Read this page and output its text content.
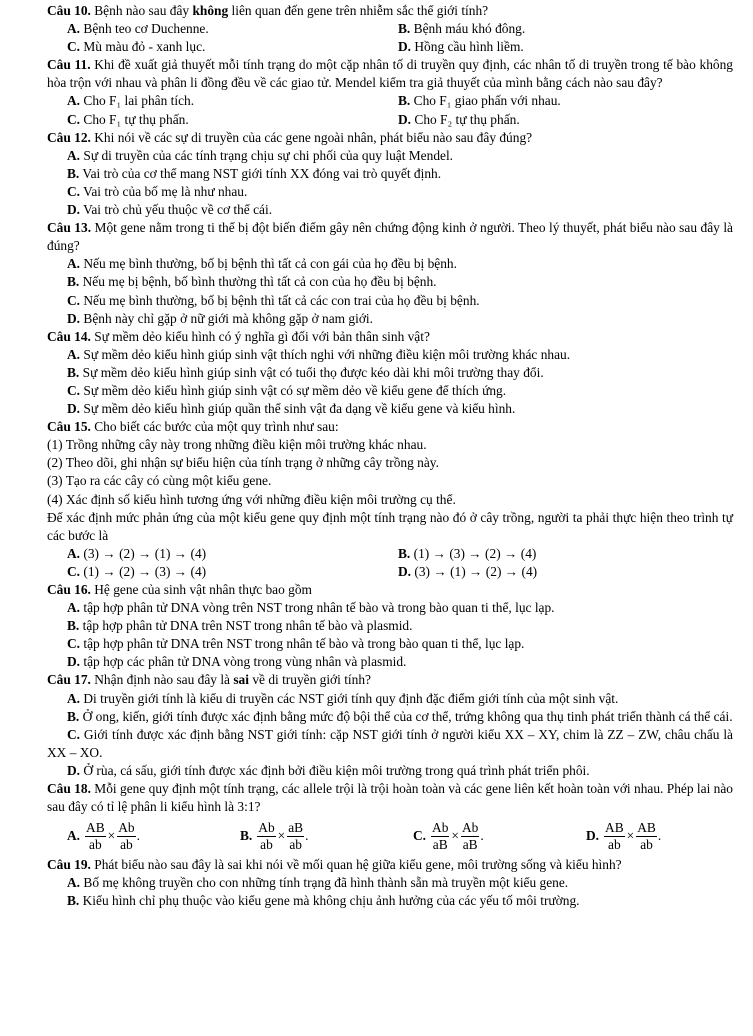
Câu 10. Bệnh nào sau đây không liên quan đến gene trên nhiễm sắc thể giới tính?
A. Bệnh teo cơ Duchenne.	B. Bệnh máu khó đông.
C. Mù màu đỏ - xanh lục.	D. Hồng cầu hình liềm.
Câu 11. Khi đề xuất giả thuyết mỗi tính trạng do một cặp nhân tố di truyền quy định, các nhân tố di truyền trong tế bào không hòa trộn với nhau và phân li đồng đều về các giao tử. Mendel kiểm tra giả thuyết của mình bằng cách nào sau đây?
A. Cho F₁ lai phân tích.	B. Cho F₁ giao phấn với nhau.
C. Cho F₁ tự thụ phấn.	D. Cho F₂ tự thụ phấn.
Câu 12. Khi nói về các sự di truyền của các gene ngoài nhân, phát biểu nào sau đây đúng?
A. Sự di truyền của các tính trạng chịu sự chi phối của quy luật Mendel.
B. Vai trò của cơ thể mang NST giới tính XX đóng vai trò quyết định.
C. Vai trò của bố mẹ là như nhau.
D. Vai trò chủ yếu thuộc về cơ thể cái.
Câu 13. Một gene nằm trong ti thể bị đột biến điểm gây nên chứng động kinh ở người. Theo lý thuyết, phát biểu nào sau đây là đúng?
A. Nếu mẹ bình thường, bố bị bệnh thì tất cả con gái của họ đều bị bệnh.
B. Nếu mẹ bị bệnh, bố bình thường thì tất cả con của họ đều bị bệnh.
C. Nếu mẹ bình thường, bố bị bệnh thì tất cả các con trai của họ đều bị bệnh.
D. Bệnh này chỉ gặp ở nữ giới mà không gặp ở nam giới.
Câu 14. Sự mềm dẻo kiểu hình có ý nghĩa gì đối với bản thân sinh vật?
A. Sự mềm dẻo kiểu hình giúp sinh vật thích nghi với những điều kiện môi trường khác nhau.
B. Sự mềm dẻo kiểu hình giúp sinh vật có tuổi thọ được kéo dài khi môi trường thay đổi.
C. Sự mềm dẻo kiểu hình giúp sinh vật có sự mềm dẻo về kiểu gene để thích ứng.
D. Sự mềm dẻo kiểu hình giúp quần thể sinh vật đa dạng về kiểu gene và kiểu hình.
Câu 15. Cho biết các bước của một quy trình như sau:
(1) Trồng những cây này trong những điều kiện môi trường khác nhau.
(2) Theo dõi, ghi nhận sự biểu hiện của tính trạng ở những cây trồng này.
(3) Tạo ra các cây có cùng một kiểu gene.
(4) Xác định số kiểu hình tương ứng với những điều kiện môi trường cụ thể.
Để xác định mức phản ứng của một kiểu gene quy định một tính trạng nào đó ở cây trồng, người ta phải thực hiện theo trình tự các bước là
A. (3) → (2) → (1) → (4)	B. (1) → (3) → (2) → (4)
C. (1) → (2) → (3) → (4)	D. (3) → (1) → (2) → (4)
Câu 16. Hệ gene của sinh vật nhân thực bao gồm
A. tập hợp phân tử DNA vòng trên NST trong nhân tế bào và trong bào quan ti thể, lục lạp.
B. tập hợp phân tử DNA trên NST trong nhân tế bào và plasmid.
C. tập hợp phân tử DNA trên NST trong nhân tế bào và trong bào quan ti thể, lục lạp.
D. tập hợp các phân tử DNA vòng trong vùng nhân và plasmid.
Câu 17. Nhận định nào sau đây là sai về di truyền giới tính?
A. Di truyền giới tính là kiểu di truyền các NST giới tính quy định đặc điểm giới tính của một sinh vật.
B. Ở ong, kiến, giới tính được xác định bằng mức độ bội thể của cơ thể, trứng không qua thụ tinh phát triển thành cá thể cái.
C. Giới tính được xác định bằng NST giới tính: cặp NST giới tính ở người kiểu XX – XY, chim là ZZ – ZW, châu chấu là XX – XO.
D. Ở rùa, cá sấu, giới tính được xác định bởi điều kiện môi trường trong quá trình phát triển phôi.
Câu 18. Mỗi gene quy định một tính trạng, các allele trội là trội hoàn toàn và các gene liên kết hoàn toàn với nhau. Phép lai nào sau đây có tỉ lệ phân li kiểu hình là 3:1?
A. $\frac{AB}{ab} \times \frac{Ab}{ab}$ .	B. $\frac{Ab}{ab} \times \frac{aB}{ab}$ .	C. $\frac{Ab}{aB} \times \frac{Ab}{aB}$ .	D. $\frac{AB}{ab} \times \frac{AB}{ab}$ .
Câu 19. Phát biểu nào sau đây là sai khi nói về mối quan hệ giữa kiểu gene, môi trường sống và kiểu hình?
A. Bố mẹ không truyền cho con những tính trạng đã hình thành sẵn mà truyền một kiểu gene.
B. Kiểu hình chỉ phụ thuộc vào kiểu gene mà không chịu ảnh hưởng của các yếu tố môi trường.
